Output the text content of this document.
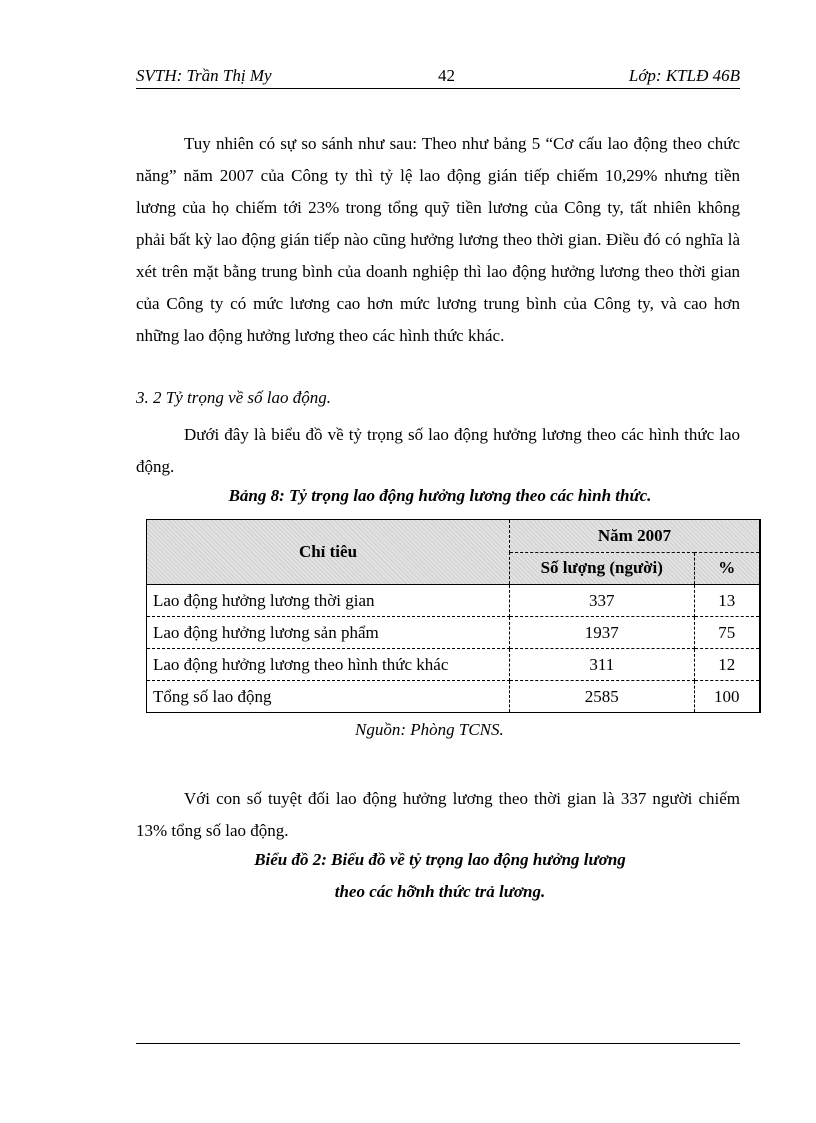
SVTH: Trần Thị My	42	Lớp: KTLĐ 46B

Tuy nhiên có sự so sánh như sau: Theo như bảng 5 “Cơ cấu lao động theo chức năng” năm 2007 của Công ty thì tỷ lệ lao động gián tiếp chiếm 10,29% nhưng tiền lương của họ chiếm tới 23% trong tổng quỹ tiền lương của Công ty, tất nhiên không phải bất kỳ lao động gián tiếp nào cũng hưởng lương theo thời gian. Điều đó có nghĩa là xét trên mặt bằng trung bình của doanh nghiệp thì lao động hưởng lương theo thời gian của Công ty có mức lương cao hơn mức lương trung bình của Công ty, và cao hơn những lao động hưởng lương theo các hình thức khác.

3. 2 Tỷ trọng về số lao động.

Dưới đây là biểu đồ về tỷ trọng số lao động hưởng lương theo các hình thức lao động.

Bảng 8: Tỷ trọng lao động hưởng lương theo các hình thức.

Chỉ tiêu	Năm 2007	
	Số lượng (người)	%
Lao động hưởng lương thời gian	337	13
Lao động hưởng lương sản phẩm	1937	75
Lao động hưởng lương theo hình thức khác	311	12
Tổng số lao động	2585	100

Nguồn: Phòng TCNS.

Với con số tuyệt đối lao động hưởng lương theo thời gian là 337 người chiếm 13% tổng số lao động.

Biểu đồ 2: Biểu đồ về tỷ trọng lao động hưởng lương

theo các hỡnh thức trả lương.
